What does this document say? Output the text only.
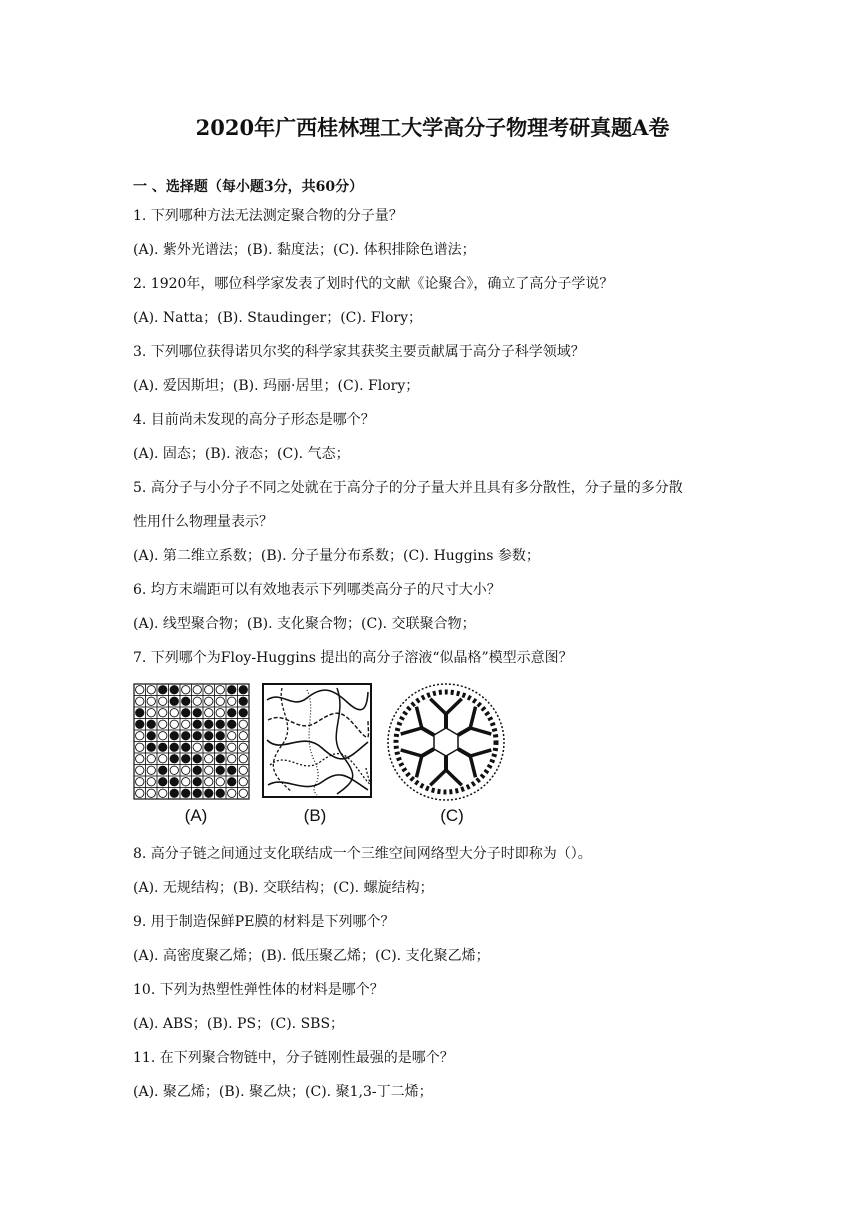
2020年广西桂林理工大学高分子物理考研真题A卷
一 、选择题（每小题3分，共60分）
1. 下列哪种方法无法测定聚合物的分子量？
(A). 紫外光谱法；(B). 黏度法；(C). 体积排除色谱法；
2. 1920年，哪位科学家发表了划时代的文献《论聚合》，确立了高分子学说？
(A). Natta；(B). Staudinger；(C). Flory；
3. 下列哪位获得诺贝尔奖的科学家其获奖主要贡献属于高分子科学领域？
(A). 爱因斯坦；(B). 玛丽·居里；(C). Flory；
4. 目前尚未发现的高分子形态是哪个？
(A). 固态；(B). 液态；(C). 气态；
5. 高分子与小分子不同之处就在于高分子的分子量大并且具有多分散性，分子量的多分散
性用什么物理量表示？
(A). 第二维立系数；(B). 分子量分布系数；(C). Huggins 参数；
6. 均方末端距可以有效地表示下列哪类高分子的尺寸大小？
(A). 线型聚合物；(B). 支化聚合物；(C). 交联聚合物；
7. 下列哪个为Floy-Huggins 提出的高分子溶液“似晶格”模型示意图？
(A)	(B)	(C)
8. 高分子链之间通过支化联结成一个三维空间网络型大分子时即称为（）。
(A). 无规结构；(B). 交联结构；(C). 螺旋结构；
9. 用于制造保鲜PE膜的材料是下列哪个？
(A). 高密度聚乙烯；(B). 低压聚乙烯；(C). 支化聚乙烯；
10. 下列为热塑性弹性体的材料是哪个？
(A). ABS；(B). PS；(C). SBS；
11. 在下列聚合物链中，分子链刚性最强的是哪个？
(A). 聚乙烯；(B). 聚乙炔；(C). 聚1,3-丁二烯；
